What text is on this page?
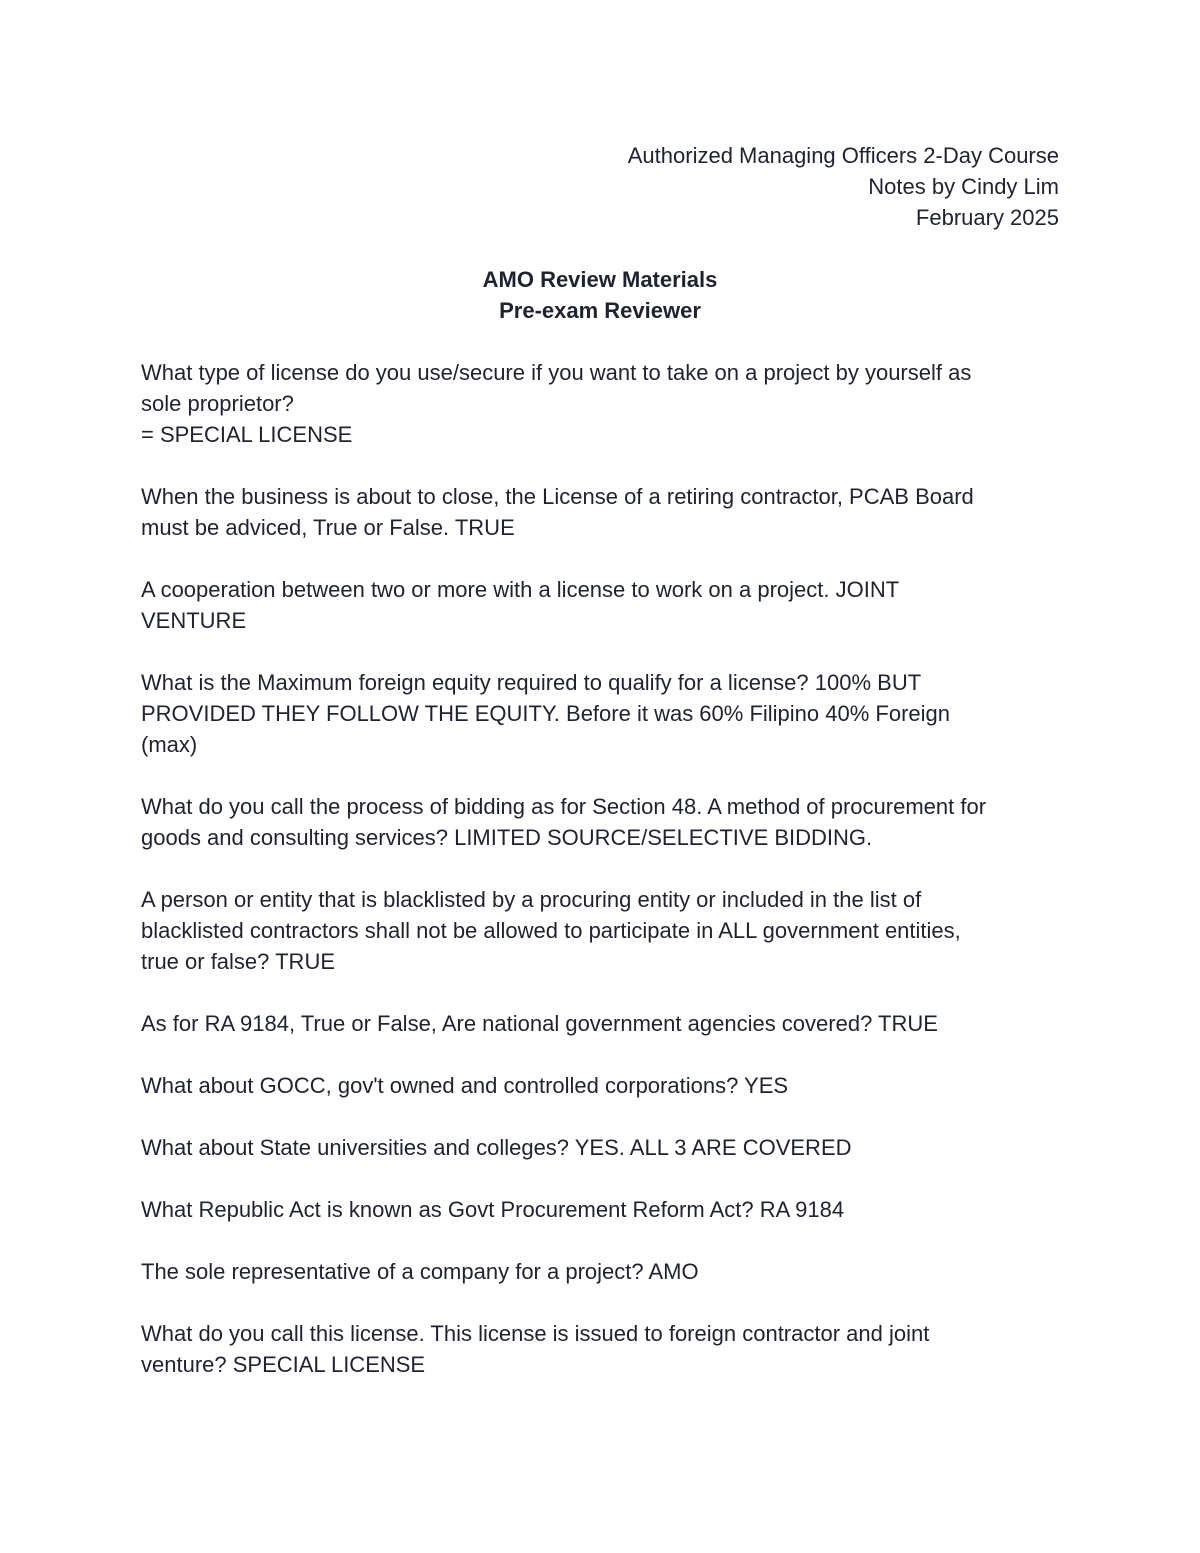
Authorized Managing Officers 2-Day Course
Notes by Cindy Lim
February 2025
AMO Review Materials
Pre-exam Reviewer
What type of license do you use/secure if you want to take on a project by yourself as
sole proprietor?
= SPECIAL LICENSE
When the business is about to close, the License of a retiring contractor, PCAB Board
must be adviced, True or False. TRUE
A cooperation between two or more with a license to work on a project. JOINT
VENTURE
What is the Maximum foreign equity required to qualify for a license? 100% BUT
PROVIDED THEY FOLLOW THE EQUITY. Before it was 60% Filipino 40% Foreign
(max)
What do you call the process of bidding as for Section 48. A method of procurement for
goods and consulting services? LIMITED SOURCE/SELECTIVE BIDDING.
A person or entity that is blacklisted by a procuring entity or included in the list of
blacklisted contractors shall not be allowed to participate in ALL government entities,
true or false? TRUE
As for RA 9184, True or False, Are national government agencies covered? TRUE
What about GOCC, gov't owned and controlled corporations? YES
What about State universities and colleges? YES. ALL 3 ARE COVERED
What Republic Act is known as Govt Procurement Reform Act? RA 9184
The sole representative of a company for a project? AMO
What do you call this license. This license is issued to foreign contractor and joint
venture? SPECIAL LICENSE
